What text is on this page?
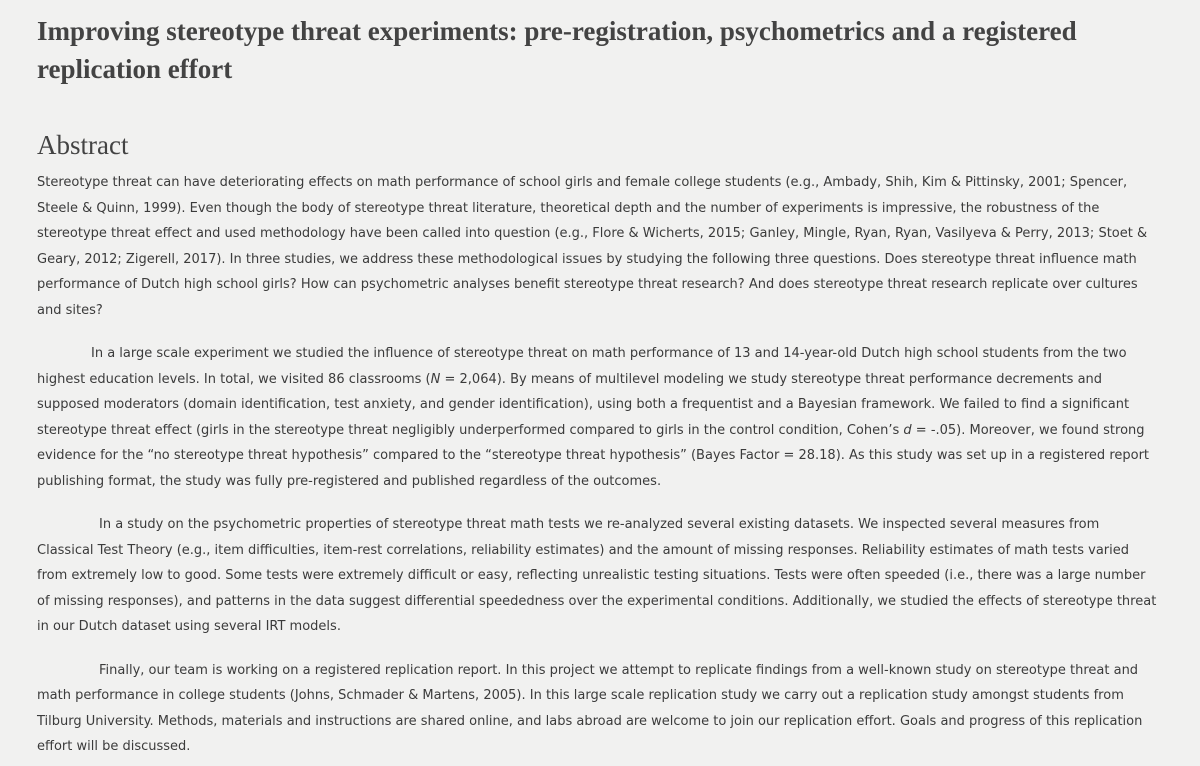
Improving stereotype threat experiments: pre-registration, psychometrics and a registered replication effort
Abstract

Stereotype threat can have deteriorating effects on math performance of school girls and female college students (e.g., Ambady, Shih, Kim & Pittinsky, 2001; Spencer, Steele & Quinn, 1999). Even though the body of stereotype threat literature, theoretical depth and the number of experiments is impressive, the robustness of the stereotype threat effect and used methodology have been called into question (e.g., Flore & Wicherts, 2015; Ganley, Mingle, Ryan, Ryan, Vasilyeva & Perry, 2013; Stoet & Geary, 2012; Zigerell, 2017). In three studies, we address these methodological issues by studying the following three questions. Does stereotype threat influence math performance of Dutch high school girls? How can psychometric analyses benefit stereotype threat research? And does stereotype threat research replicate over cultures and sites?

In a large scale experiment we studied the influence of stereotype threat on math performance of 13 and 14-year-old Dutch high school students from the two highest education levels. In total, we visited 86 classrooms (N = 2,064). By means of multilevel modeling we study stereotype threat performance decrements and supposed moderators (domain identification, test anxiety, and gender identification), using both a frequentist and a Bayesian framework. We failed to find a significant stereotype threat effect (girls in the stereotype threat negligibly underperformed compared to girls in the control condition, Cohen’s d = -.05). Moreover, we found strong evidence for the “no stereotype threat hypothesis” compared to the “stereotype threat hypothesis” (Bayes Factor = 28.18). As this study was set up in a registered report publishing format, the study was fully pre-registered and published regardless of the outcomes.

In a study on the psychometric properties of stereotype threat math tests we re-analyzed several existing datasets. We inspected several measures from Classical Test Theory (e.g., item difficulties, item-rest correlations, reliability estimates) and the amount of missing responses. Reliability estimates of math tests varied from extremely low to good. Some tests were extremely difficult or easy, reflecting unrealistic testing situations. Tests were often speeded (i.e., there was a large number of missing responses), and patterns in the data suggest differential speededness over the experimental conditions. Additionally, we studied the effects of stereotype threat in our Dutch dataset using several IRT models.

Finally, our team is working on a registered replication report. In this project we attempt to replicate findings from a well-known study on stereotype threat and math performance in college students (Johns, Schmader & Martens, 2005). In this large scale replication study we carry out a replication study amongst students from Tilburg University. Methods, materials and instructions are shared online, and labs abroad are welcome to join our replication effort. Goals and progress of this replication effort will be discussed.
